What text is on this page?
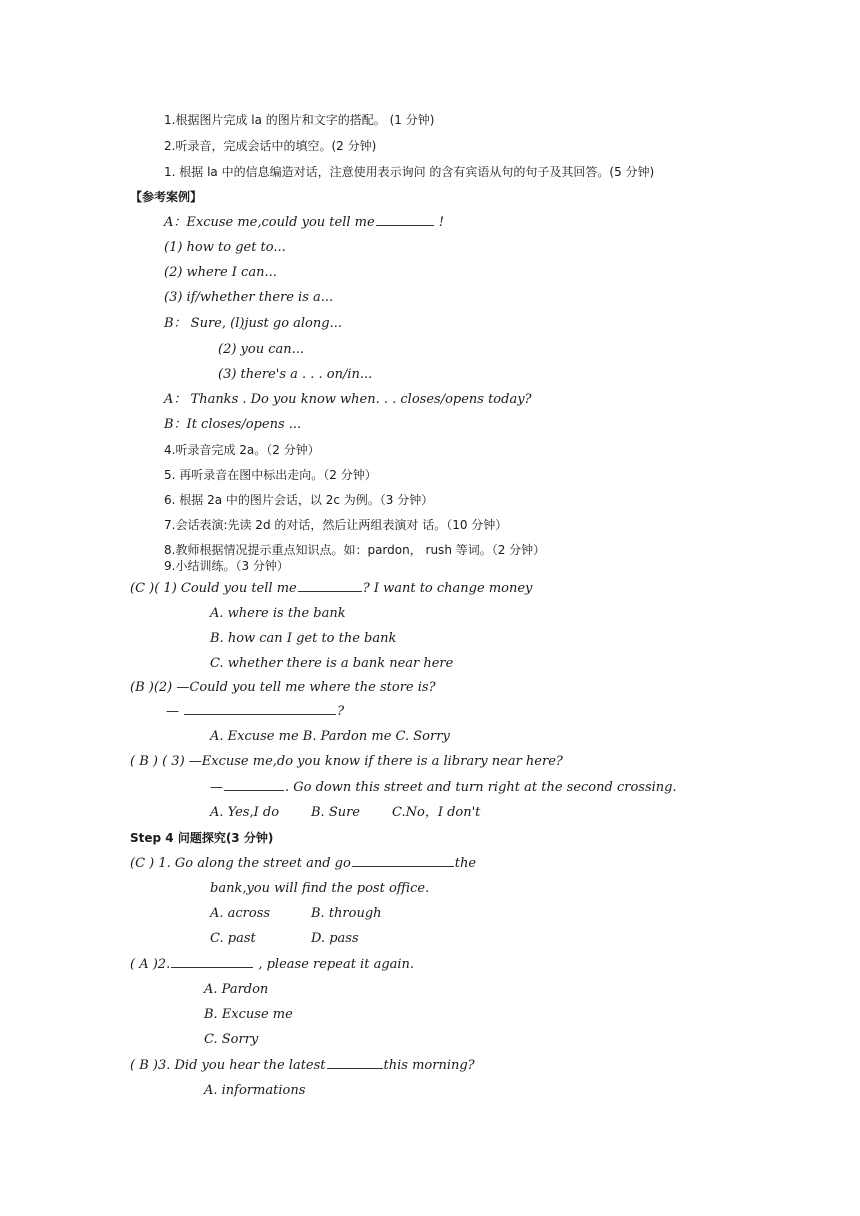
1.根据图片完成 la 的图片和文字的搭配。 (1 分钟)
2.听录音，完成会话中的填空。(2 分钟)
1. 根据 la 中的信息编造对话，注意使用表示询问 的含有宾语从句的句子及其回答。(5 分钟)
【参考案例】
A：Excuse me,could you tell me	!
(1) how to get to...
(2) where I can...
(3) if/whether there is a...
B： Sure, (l)just go along...
(2) you can...
(3) there's a . . . on/in...
A： Thanks . Do you know when. . . closes/opens today?
B：It closes/opens ...
4.听录音完成 2a。（2 分钟）
5. 再听录音在图中标出走向。（2 分钟）
6. 根据 2a 中的图片会话，以 2c 为例。（3 分钟）
7.会话表演:先读 2d 的对话，然后让两组表演对 话。（10 分钟）
8.教师根据情况提示重点知识点。如：pardon， rush 等词。（2 分钟）
9.小结训练。（3 分钟）
(C )( 1) Could you tell me	? I want to change money
A. where is the bank
B. how can I get to the bank
C. whether there is a bank near here
(B )(2) —Could you tell me where the store is?
—	?
A. Excuse me B. Pardon me C. Sorry
( B ) ( 3) —Excuse me,do you know if there is a library near here?
—	. Go down this street and turn right at the second crossing.
A. Yes,I do B. Sure C.No，I don't
Step 4 问题探究(3 分钟)
(C ) 1. Go along the street and go	the
bank,you will find the post office.
A. across	B. through
C. past	D. pass
( A )2.	, please repeat it again.
A. Pardon
B. Excuse me
C. Sorry
( B )3. Did you hear the latest	this morning?
A. informations
